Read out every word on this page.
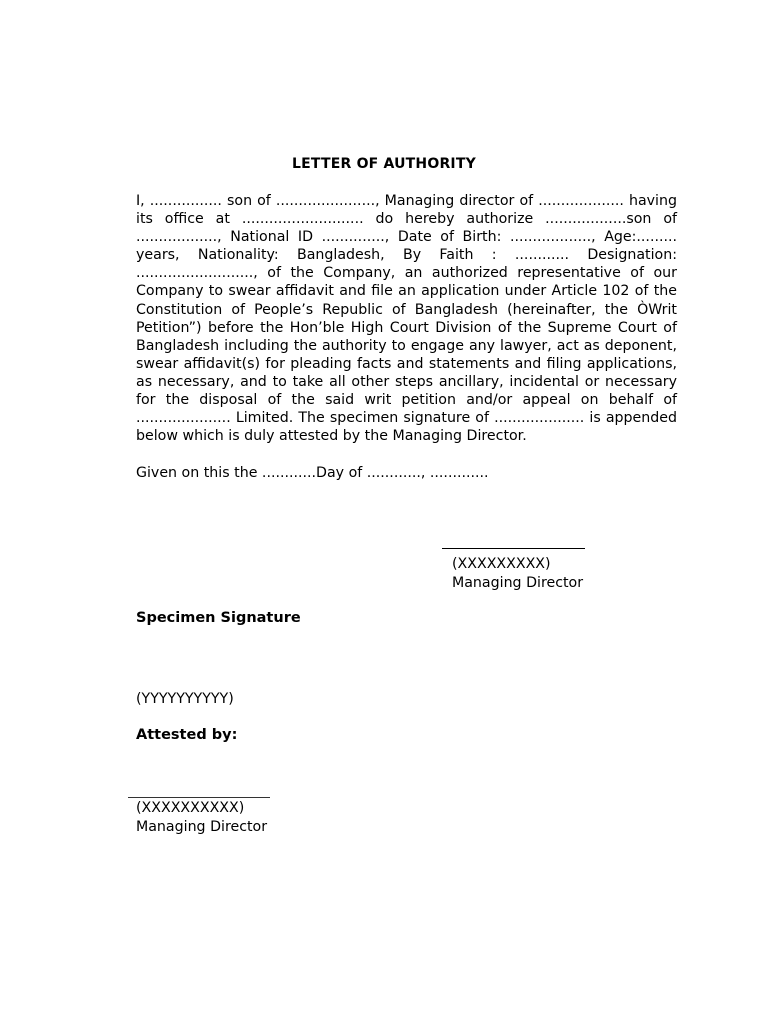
LETTER OF AUTHORITY
I, ................ son of ......................, Managing director of ................... having its office at ........................... do hereby authorize ..................son of .................., National ID .............., Date of Birth: .................., Age:......... years, Nationality: Bangladesh, By Faith : ............ Designation: .........................., of the Company, an authorized representative of our Company to swear affidavit and file an application under Article 102 of the Constitution of People’s Republic of Bangladesh (hereinafter, the ÒWrit Petition”) before the Hon’ble High Court Division of the Supreme Court of Bangladesh including the authority to engage any lawyer, act as deponent, swear affidavit(s) for pleading facts and statements and filing applications, as necessary, and to take all other steps ancillary, incidental or necessary for the disposal of the said writ petition and/or appeal on behalf of ..................... Limited. The specimen signature of .................... is appended below which is duly attested by the Managing Director.
Given on this the ............Day of ............, .............
(XXXXXXXXX)
Managing Director
Specimen Signature
(YYYYYYYYYY)
Attested by:
(XXXXXXXXXX)
Managing Director
